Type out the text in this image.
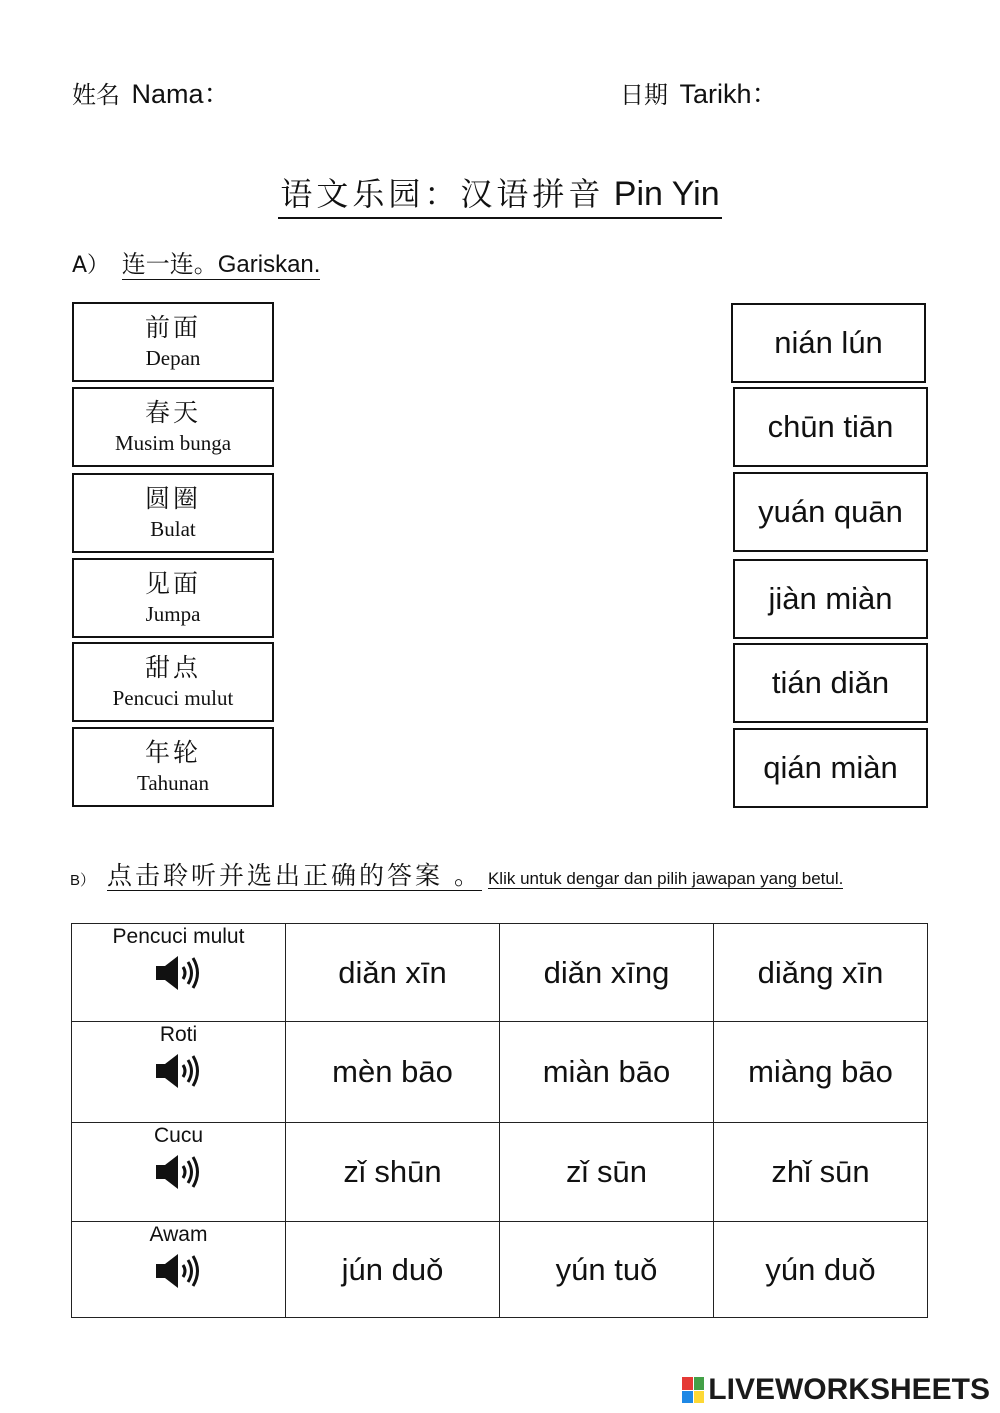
姓名 Nama：	日期 Tarikh：
语文乐园：汉语拼音 Pin Yin
A） 连一连。Gariskan.
前面
Depan
春天
Musim bunga
圆圈
Bulat
见面
Jumpa
甜点
Pencuci mulut
年轮
Tahunan
nián lún
chūn tiān
yuán quān
jiàn miàn
tián diǎn
qián miàn
B） 点击聆听并选出正确的答案 。 Klik untuk dengar dan pilih jawapan yang betul.
Pencuci mulut	diǎn xīn	diǎn xīng	diǎng xīn

Roti	mèn bāo	miàn bāo	miàng bāo

Cucu	zǐ shūn	zǐ sūn	zhǐ sūn

Awam	jún duǒ	yún tuǒ	yún duǒ
LIVEWORKSHEETS
